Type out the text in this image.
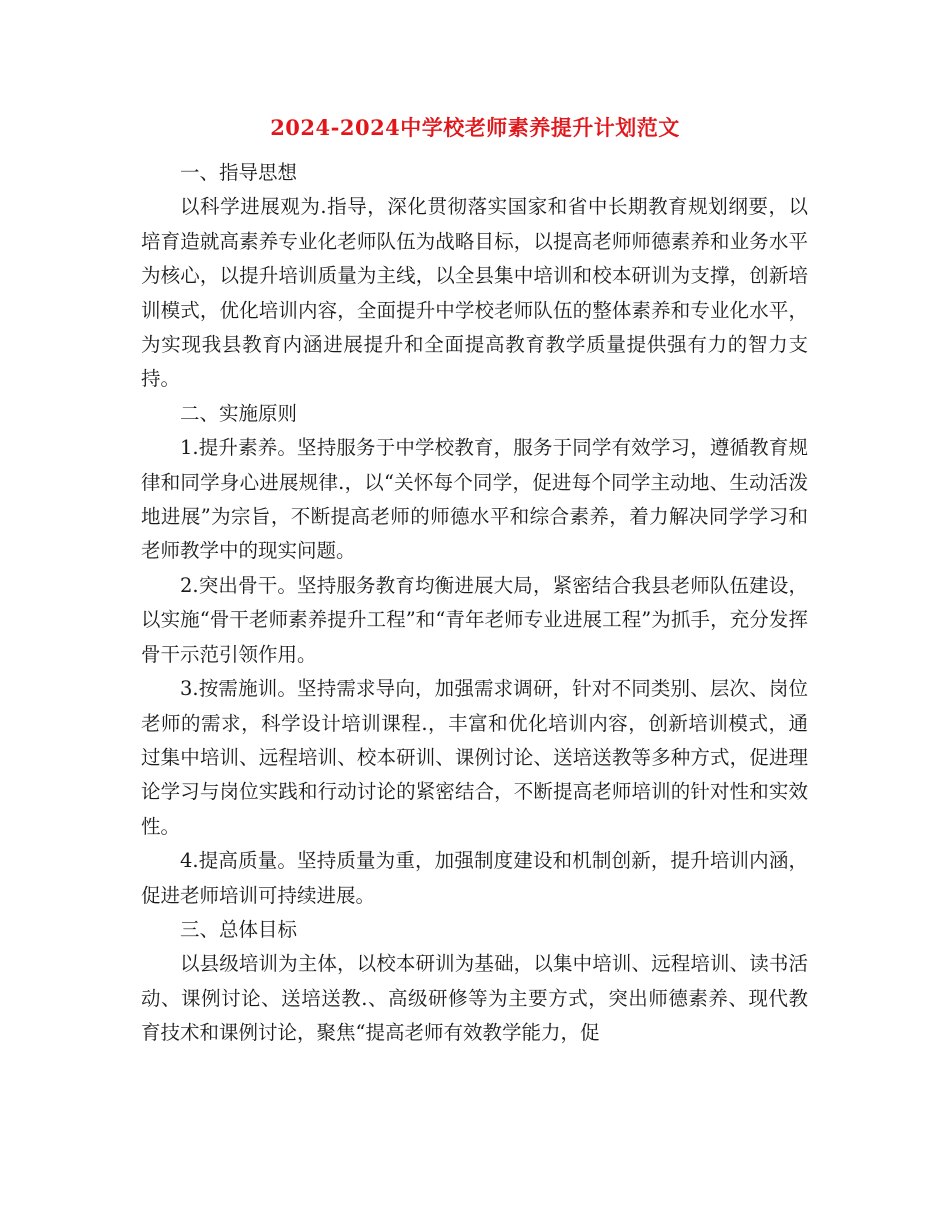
2024-2024中学校老师素养提升计划范文

一、指导思想

以科学进展观为.指导，深化贯彻落实国家和省中长期教育规划纲要，以培育造就高素养专业化老师队伍为战略目标，以提高老师师德素养和业务水平为核心，以提升培训质量为主线，以全县集中培训和校本研训为支撑，创新培训模式，优化培训内容，全面提升中学校老师队伍的整体素养和专业化水平，为实现我县教育内涵进展提升和全面提高教育教学质量提供强有力的智力支持。

二、实施原则

1.提升素养。坚持服务于中学校教育，服务于同学有效学习，遵循教育规律和同学身心进展规律.，以“关怀每个同学，促进每个同学主动地、生动活泼地进展”为宗旨，不断提高老师的师德水平和综合素养，着力解决同学学习和老师教学中的现实问题。

2.突出骨干。坚持服务教育均衡进展大局，紧密结合我县老师队伍建设，以实施“骨干老师素养提升工程”和“青年老师专业进展工程”为抓手，充分发挥骨干示范引领作用。

3.按需施训。坚持需求导向，加强需求调研，针对不同类别、层次、岗位老师的需求，科学设计培训课程.，丰富和优化培训内容，创新培训模式，通过集中培训、远程培训、校本研训、课例讨论、送培送教等多种方式，促进理论学习与岗位实践和行动讨论的紧密结合，不断提高老师培训的针对性和实效性。

4.提高质量。坚持质量为重，加强制度建设和机制创新，提升培训内涵，促进老师培训可持续进展。

三、总体目标

以县级培训为主体，以校本研训为基础，以集中培训、远程培训、读书活动、课例讨论、送培送教.、高级研修等为主要方式，突出师德素养、现代教育技术和课例讨论，聚焦“提高老师有效教学能力，促
